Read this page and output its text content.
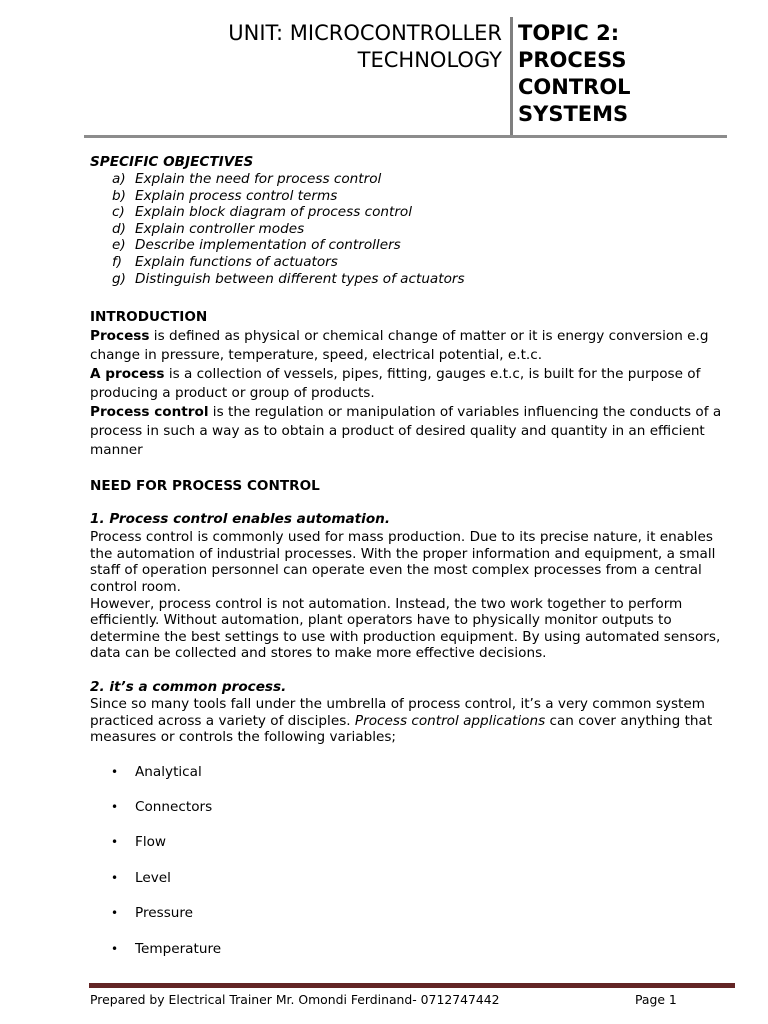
UNIT: MICROCONTROLLER
TECHNOLOGY
TOPIC 2:
PROCESS
CONTROL
SYSTEMS

SPECIFIC OBJECTIVES

a) Explain the need for process control
b) Explain process control terms
c) Explain block diagram of process control
d) Explain controller modes
e) Describe implementation of controllers
f) Explain functions of actuators
g) Distinguish between different types of actuators

INTRODUCTION

Process is defined as physical or chemical change of matter or it is energy conversion e.g change in pressure, temperature, speed, electrical potential, e.t.c.

A process is a collection of vessels, pipes, fitting, gauges e.t.c, is built for the purpose of producing a product or group of products.

Process control is the regulation or manipulation of variables influencing the conducts of a process in such a way as to obtain a product of desired quality and quantity in an efficient manner

NEED FOR PROCESS CONTROL

1. Process control enables automation.

Process control is commonly used for mass production. Due to its precise nature, it enables the automation of industrial processes. With the proper information and equipment, a small staff of operation personnel can operate even the most complex processes from a central control room.

However, process control is not automation. Instead, the two work together to perform efficiently. Without automation, plant operators have to physically monitor outputs to determine the best settings to use with production equipment. By using automated sensors, data can be collected and stores to make more effective decisions.

2. it’s a common process.

Since so many tools fall under the umbrella of process control, it’s a very common system practiced across a variety of disciples. Process control applications can cover anything that measures or controls the following variables;

• Analytical
• Connectors
• Flow
• Level
• Pressure
• Temperature
Prepared by Electrical Trainer Mr. Omondi Ferdinand- 0712747442	Page 1
